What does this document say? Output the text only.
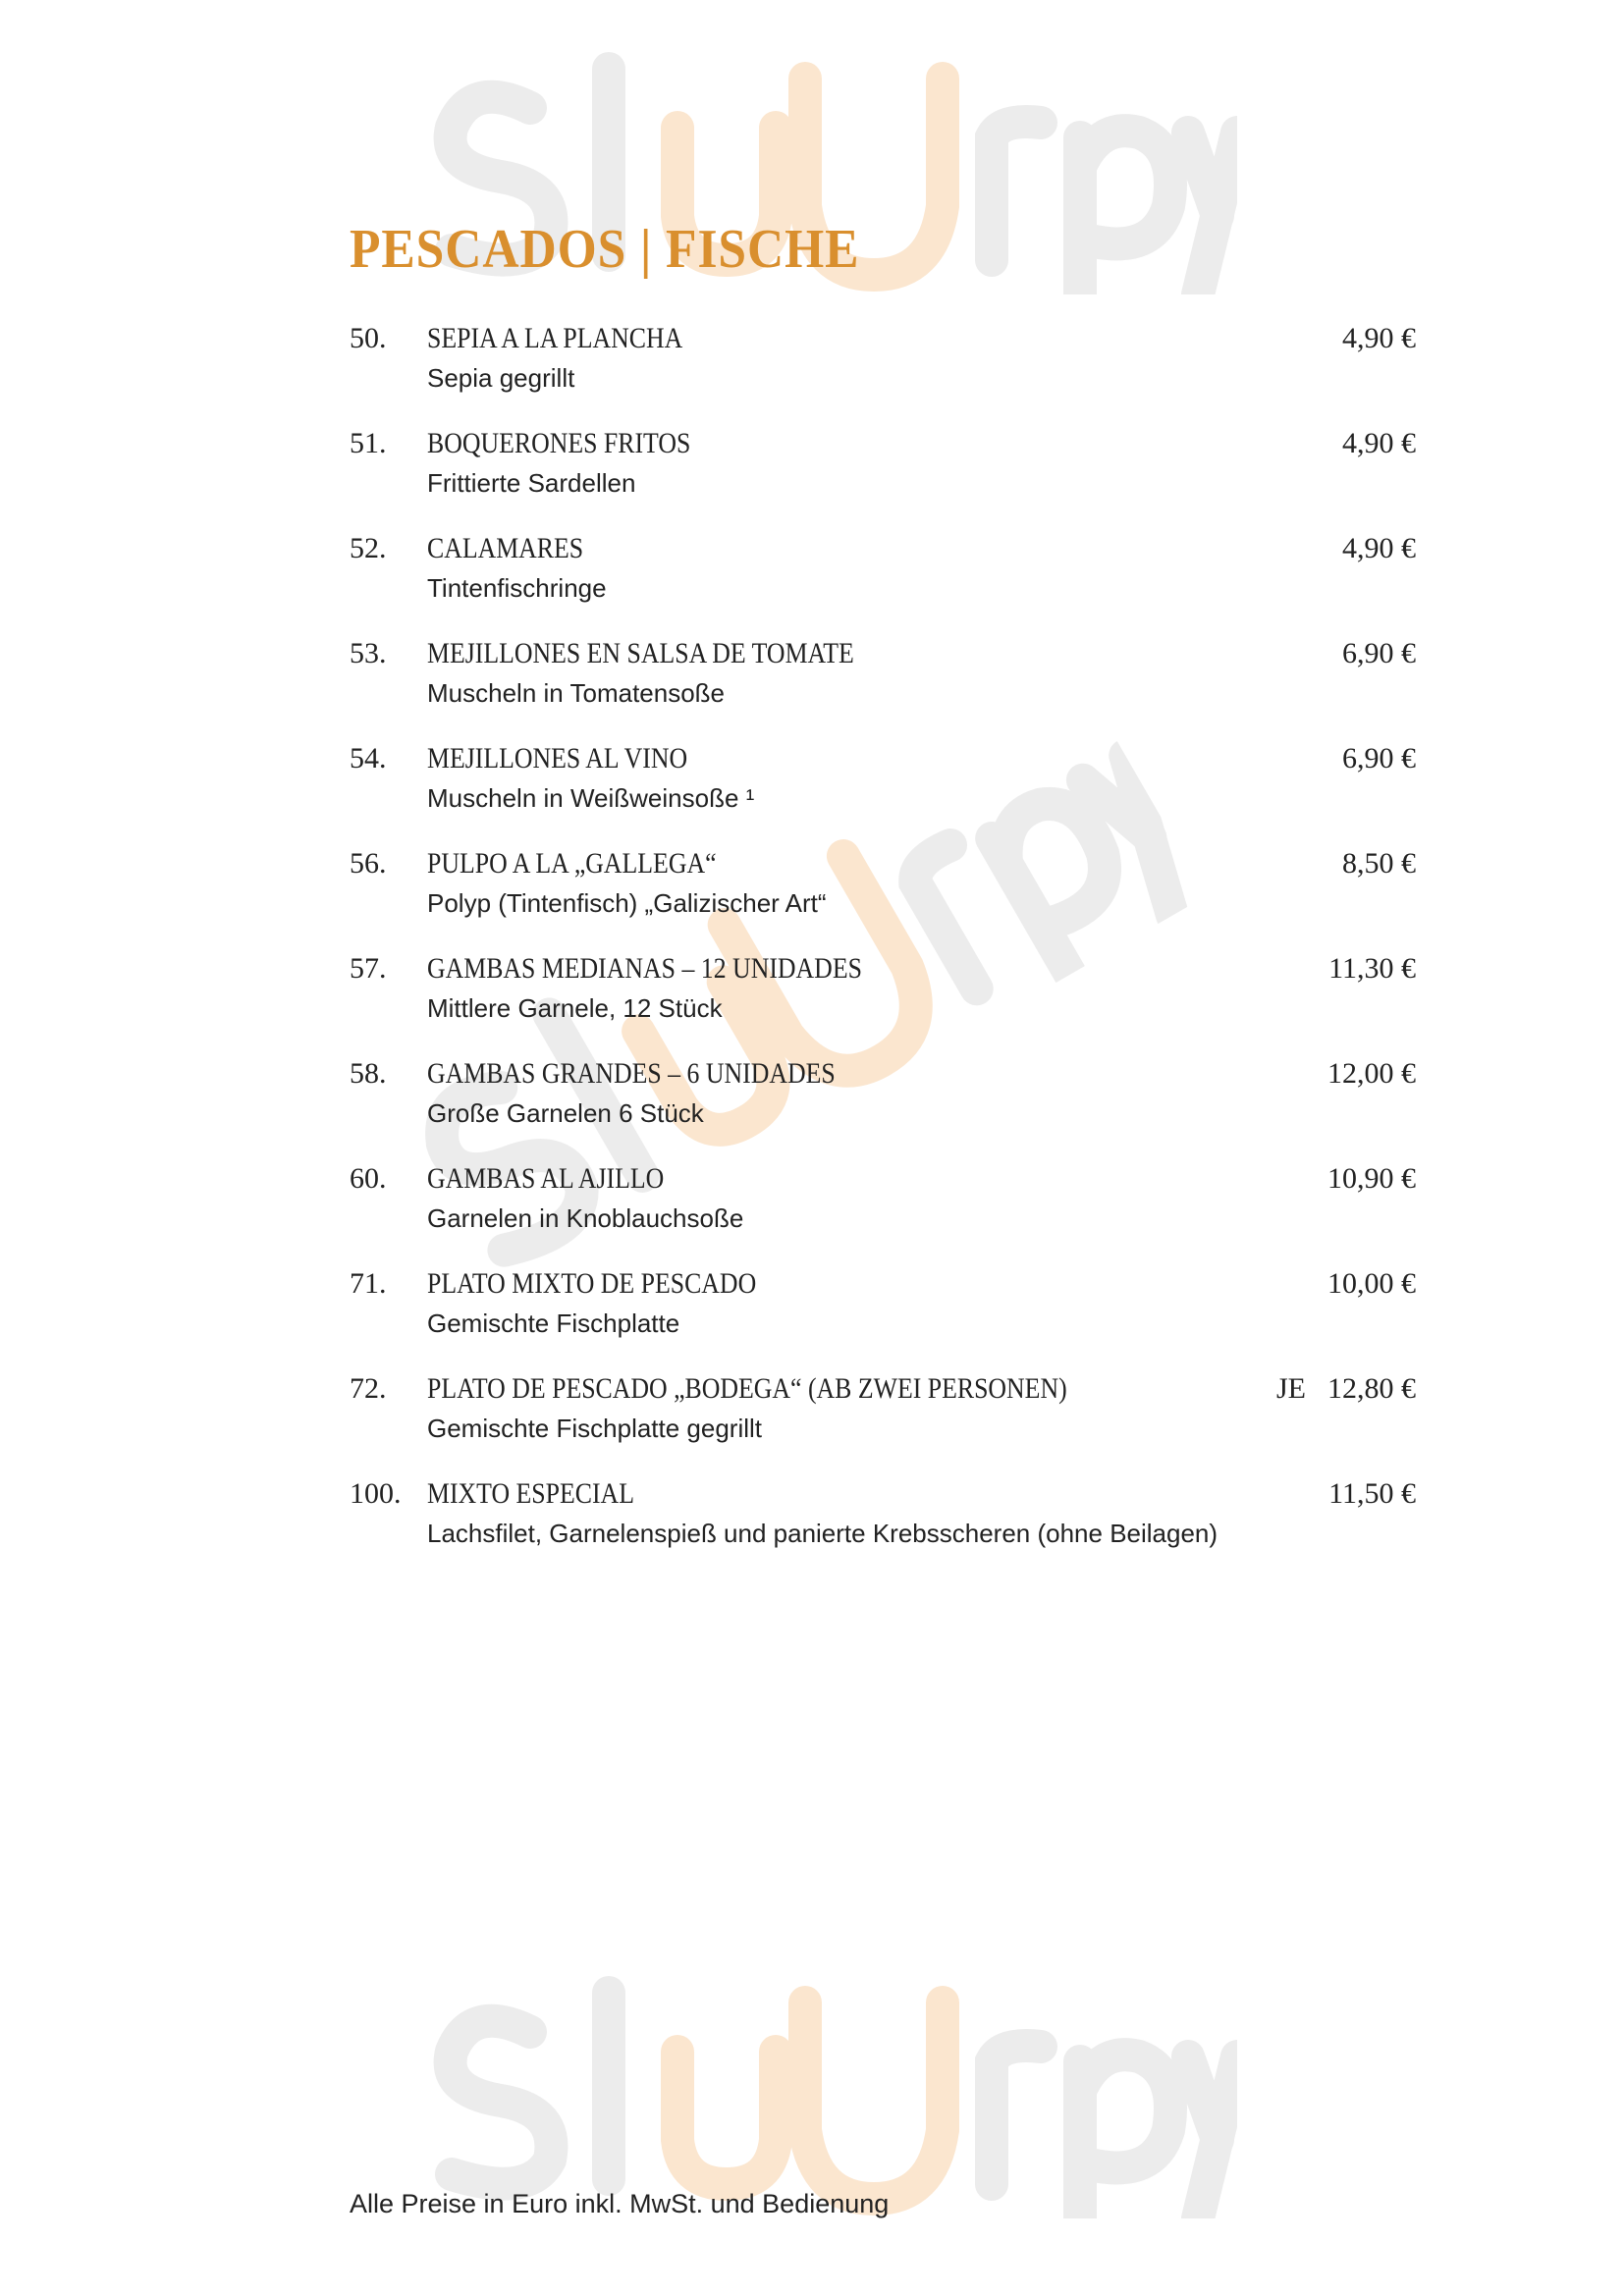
PESCADOS | FISCHE
50. SEPIA A LA PLANCHA
Sepia gegrillt
4,90 €
51. BOQUERONES FRITOS
Frittierte Sardellen
4,90 €
52. CALAMARES
Tintenfischringe
4,90 €
53. MEJILLONES EN SALSA DE TOMATE
Muscheln in Tomatensoße
6,90 €
54. MEJILLONES AL VINO
Muscheln in Weißweinsoße ¹
6,90 €
56. PULPO A LA „GALLEGA“
Polyp (Tintenfisch) „Galizischer Art“
8,50 €
57. GAMBAS MEDIANAS – 12 UNIDADES
Mittlere Garnele, 12 Stück
11,30 €
58. GAMBAS GRANDES – 6 UNIDADES
Große Garnelen 6 Stück
12,00 €
60. GAMBAS AL AJILLO
Garnelen in Knoblauchsoße
10,90 €
71. PLATO MIXTO DE PESCADO
Gemischte Fischplatte
10,00 €
72. PLATO DE PESCADO „BODEGA“ (AB ZWEI PERSONEN)
Gemischte Fischplatte gegrillt
12,80 €
JE
100. MIXTO ESPECIAL
Lachsfilet, Garnelenspieß und panierte Krebsscheren (ohne Beilagen)
11,50 €
Alle Preise in Euro inkl. MwSt. und Bedienung
